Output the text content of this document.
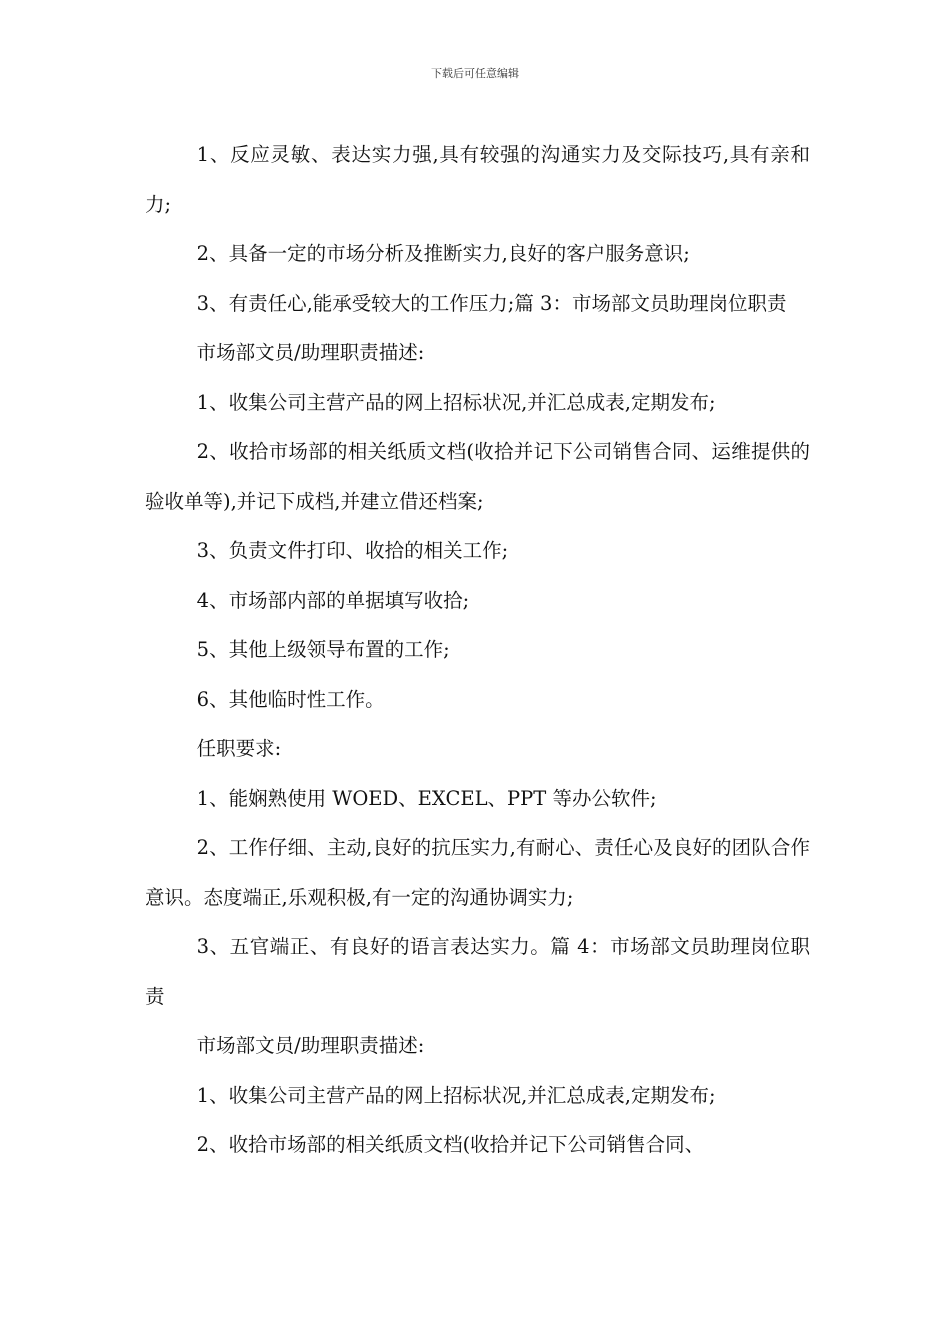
下载后可任意编辑

1、反应灵敏、表达实力强,具有较强的沟通实力及交际技巧,具有亲和力;

2、具备一定的市场分析及推断实力,良好的客户服务意识;

3、有责任心,能承受较大的工作压力;篇 3：市场部文员助理岗位职责

市场部文员/助理职责描述:

1、收集公司主营产品的网上招标状况,并汇总成表,定期发布;

2、收拾市场部的相关纸质文档(收拾并记下公司销售合同、运维提供的验收单等),并记下成档,并建立借还档案;

3、负责文件打印、收拾的相关工作;

4、市场部内部的单据填写收拾;

5、其他上级领导布置的工作;

6、其他临时性工作。

任职要求:

1、能娴熟使用 WOED、EXCEL、PPT 等办公软件;

2、工作仔细、主动,良好的抗压实力,有耐心、责任心及良好的团队合作意识。态度端正,乐观积极,有一定的沟通协调实力;

3、五官端正、有良好的语言表达实力。篇 4：市场部文员助理岗位职责

市场部文员/助理职责描述:

1、收集公司主营产品的网上招标状况,并汇总成表,定期发布;

2、收拾市场部的相关纸质文档(收拾并记下公司销售合同、
